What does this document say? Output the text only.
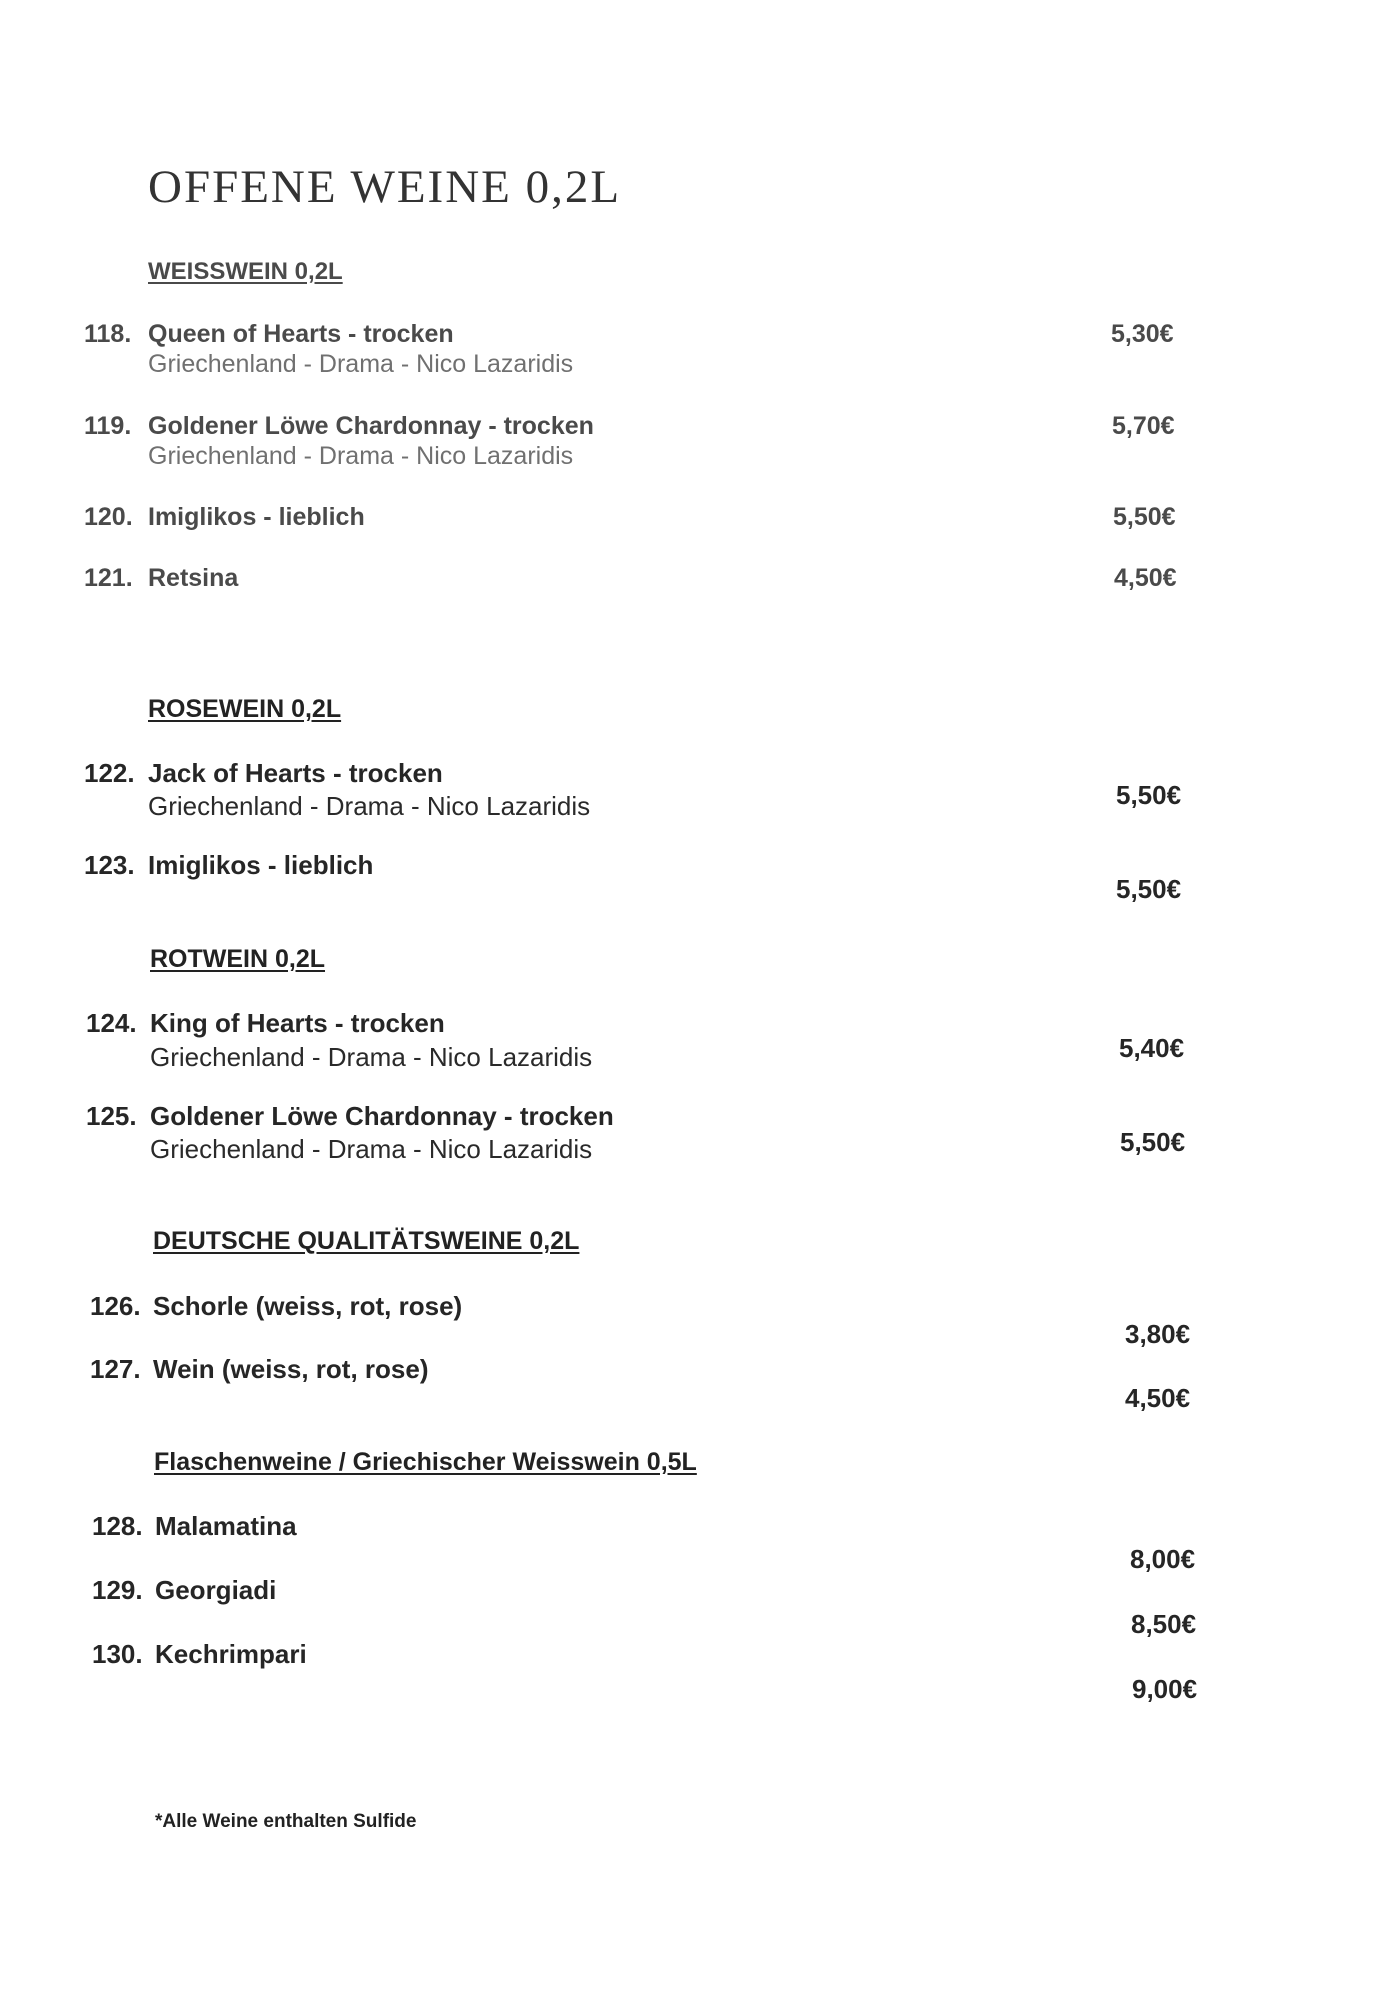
OFFENE WEINE 0,2L
WEISSWEIN 0,2L
118. Queen of Hearts - trocken
Griechenland - Drama - Nico Lazaridis
5,30€
119. Goldener Löwe Chardonnay - trocken
Griechenland - Drama - Nico Lazaridis
5,70€
120. Imiglikos - lieblich	5,50€
121. Retsina	4,50€
ROSEWEIN 0,2L
122. Jack of Hearts - trocken
Griechenland - Drama - Nico Lazaridis	5,50€
123. Imiglikos - lieblich
5,50€
ROTWEIN 0,2L
124. King of Hearts - trocken
Griechenland - Drama - Nico Lazaridis	5,40€
125. Goldener Löwe Chardonnay - trocken
Griechenland - Drama - Nico Lazaridis	5,50€
DEUTSCHE QUALITÄTSWEINE 0,2L
126. Schorle (weiss, rot, rose)
3,80€
127. Wein (weiss, rot, rose)
4,50€
Flaschenweine / Griechischer Weisswein 0,5L
128. Malamatina
8,00€
129. Georgiadi
8,50€
130. Kechrimpari
9,00€
*Alle Weine enthalten Sulfide
